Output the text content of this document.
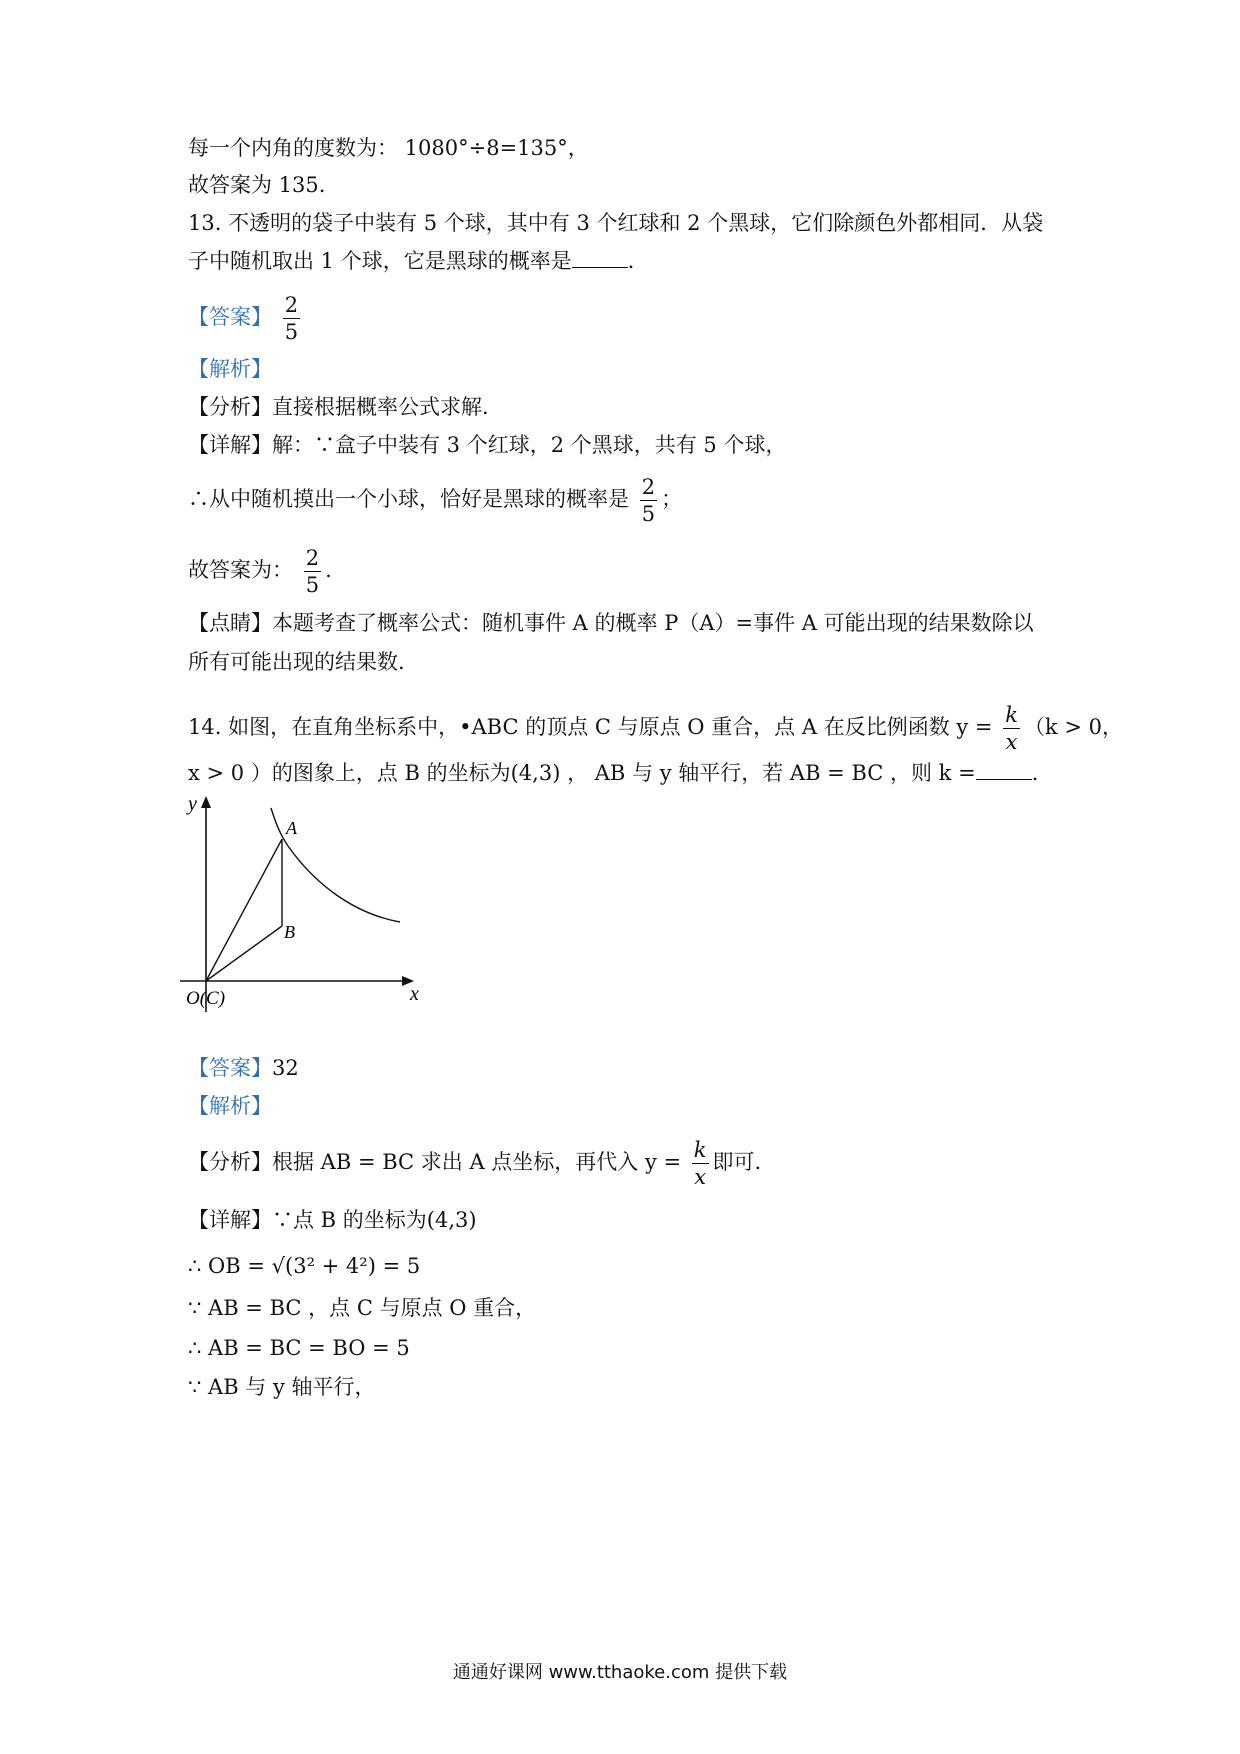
每一个内角的度数为： 1080°÷8=135°，
故答案为 135.
13. 不透明的袋子中装有 5 个球，其中有 3 个红球和 2 个黑球，它们除颜色外都相同．从袋
子中随机取出 1 个球，它是黑球的概率是	．
【答案】 $\frac{2}{5}$
【解析】
【分析】直接根据概率公式求解．
【详解】解：∵盒子中装有 3 个红球，2 个黑球，共有 5 个球，
∴从中随机摸出一个小球，恰好是黑球的概率是 $\frac{2}{5}$ ；
故答案为： $\frac{2}{5}$ .
【点睛】本题考查了概率公式：随机事件 A 的概率 P（A）=事件 A 可能出现的结果数除以
所有可能出现的结果数.
14. 如图，在直角坐标系中，•ABC 的顶点 C 与原点 O 重合，点 A 在反比例函数 $y = \frac{k}{x} (k > 0$，
x > 0 ）的图象上，点 B 的坐标为(4,3) ， AB 与 y 轴平行，若 AB = BC ，则 k =	．
y
x
A
B
O(C)
【答案】32
【解析】
【分析】根据 AB = BC 求出 A 点坐标，再代入 $y = \frac{k}{x}$ 即可.
【详解】∵点 B 的坐标为(4,3)
∴ OB = √(3² + 4²) = 5
∵ AB = BC ，点 C 与原点 O 重合，
∴ AB = BC = BO = 5
∵ AB 与 y 轴平行，
通通好课网 www.tthaoke.com 提供下载
